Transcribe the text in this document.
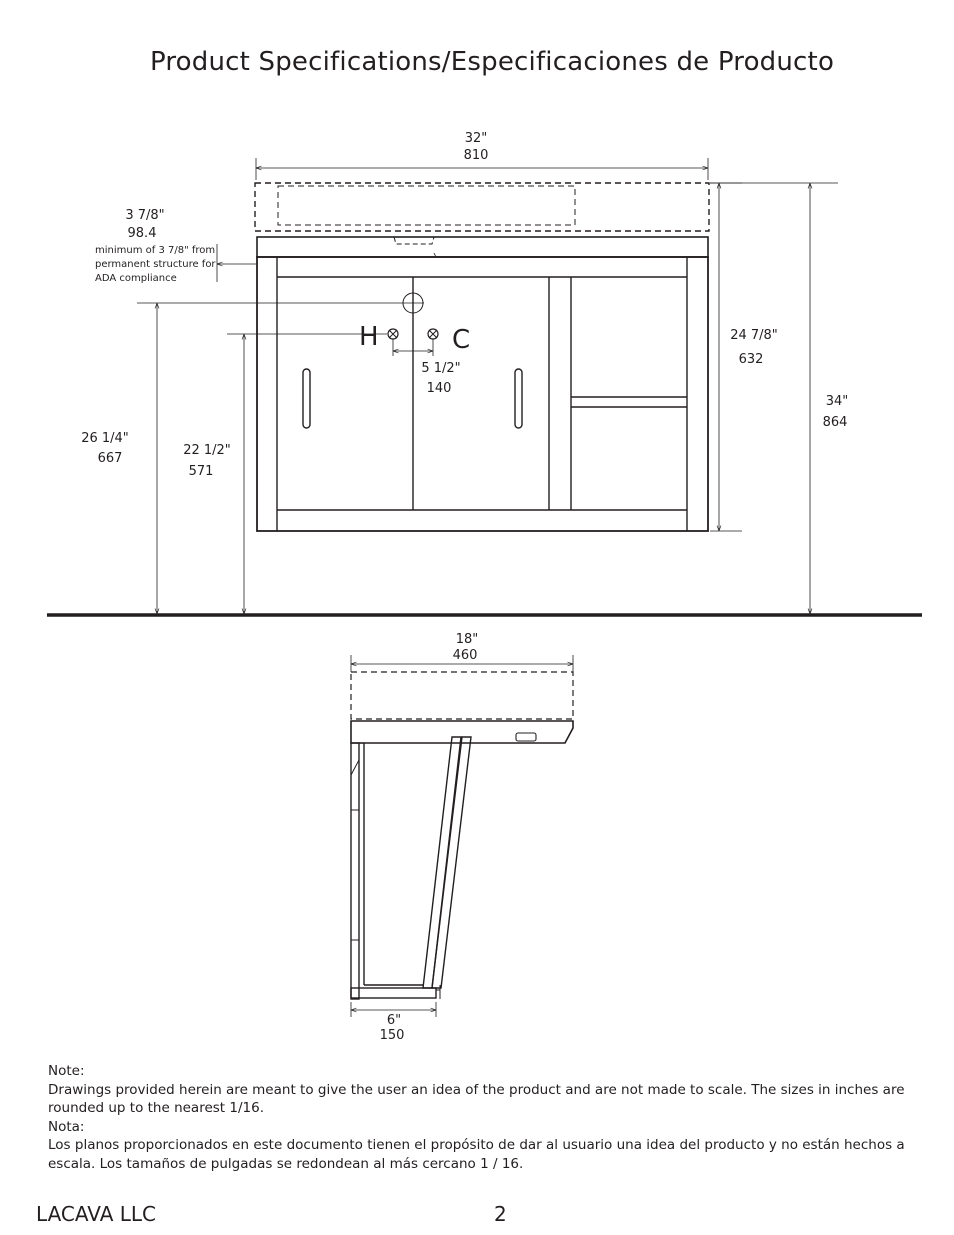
Product Specifications/Especificaciones de Producto
32"
810
H	C
5 1/2"
140
3 7/8"
98.4
minimum of 3 7/8" from
permanent structure for
ADA compliance
26 1/4"
667
22 1/2"
571
24 7/8"
632
34"
864
18"
460
6"
150

Note:

Drawings provided herein are meant to give the user an idea of the product and are not made to scale. The sizes in inches are rounded up to the nearest 1/16.

Nota:

Los planos proporcionados en este documento tienen el propósito de dar al usuario una idea del producto y no están hechos a escala. Los tamaños de pulgadas se redondean al más cercano 1 / 16.

LACAVA LLC	2
